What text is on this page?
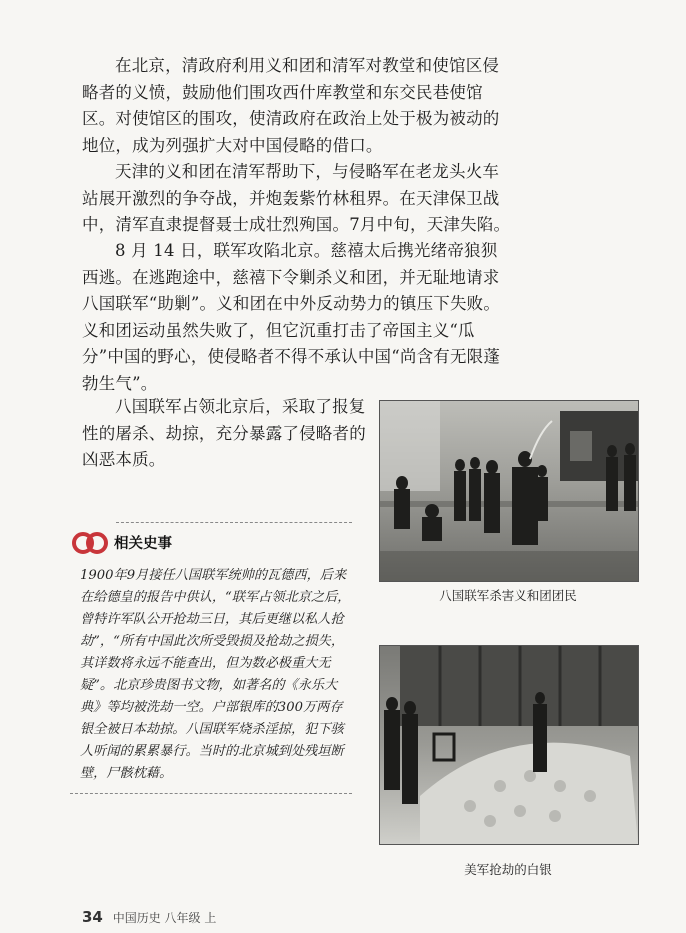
在北京，清政府利用义和团和清军对教堂和使馆区侵略者的义愤，鼓励他们围攻西什库教堂和东交民巷使馆区。对使馆区的围攻，使清政府在政治上处于极为被动的地位，成为列强扩大对中国侵略的借口。

天津的义和团在清军帮助下，与侵略军在老龙头火车站展开激烈的争夺战，并炮轰紫竹林租界。在天津保卫战中，清军直隶提督聂士成壮烈殉国。7月中旬，天津失陷。

8 月 14 日，联军攻陷北京。慈禧太后携光绪帝狼狈西逃。在逃跑途中，慈禧下令剿杀义和团，并无耻地请求八国联军“助剿”。义和团在中外反动势力的镇压下失败。义和团运动虽然失败了，但它沉重打击了帝国主义“瓜分”中国的野心，使侵略者不得不承认中国“尚含有无限蓬勃生气”。

八国联军占领北京后，采取了报复性的屠杀、劫掠，充分暴露了侵略者的凶恶本质。

八国联军杀害义和团团民

美军抢劫的白银

相关史事

1900年9月接任八国联军统帅的瓦德西，后来在给德皇的报告中供认，“联军占领北京之后，曾特许军队公开抢劫三日，其后更继以私人抢劫”，“所有中国此次所受毁损及抢劫之损失，其详数将永远不能查出，但为数必极重大无疑”。北京珍贵图书文物，如著名的《永乐大典》等均被洗劫一空。户部银库的300万两存银全被日本劫掠。八国联军烧杀淫掠，犯下骇人听闻的累累暴行。当时的北京城到处残垣断壁，尸骸枕藉。

34 中国历史 八年级 上
